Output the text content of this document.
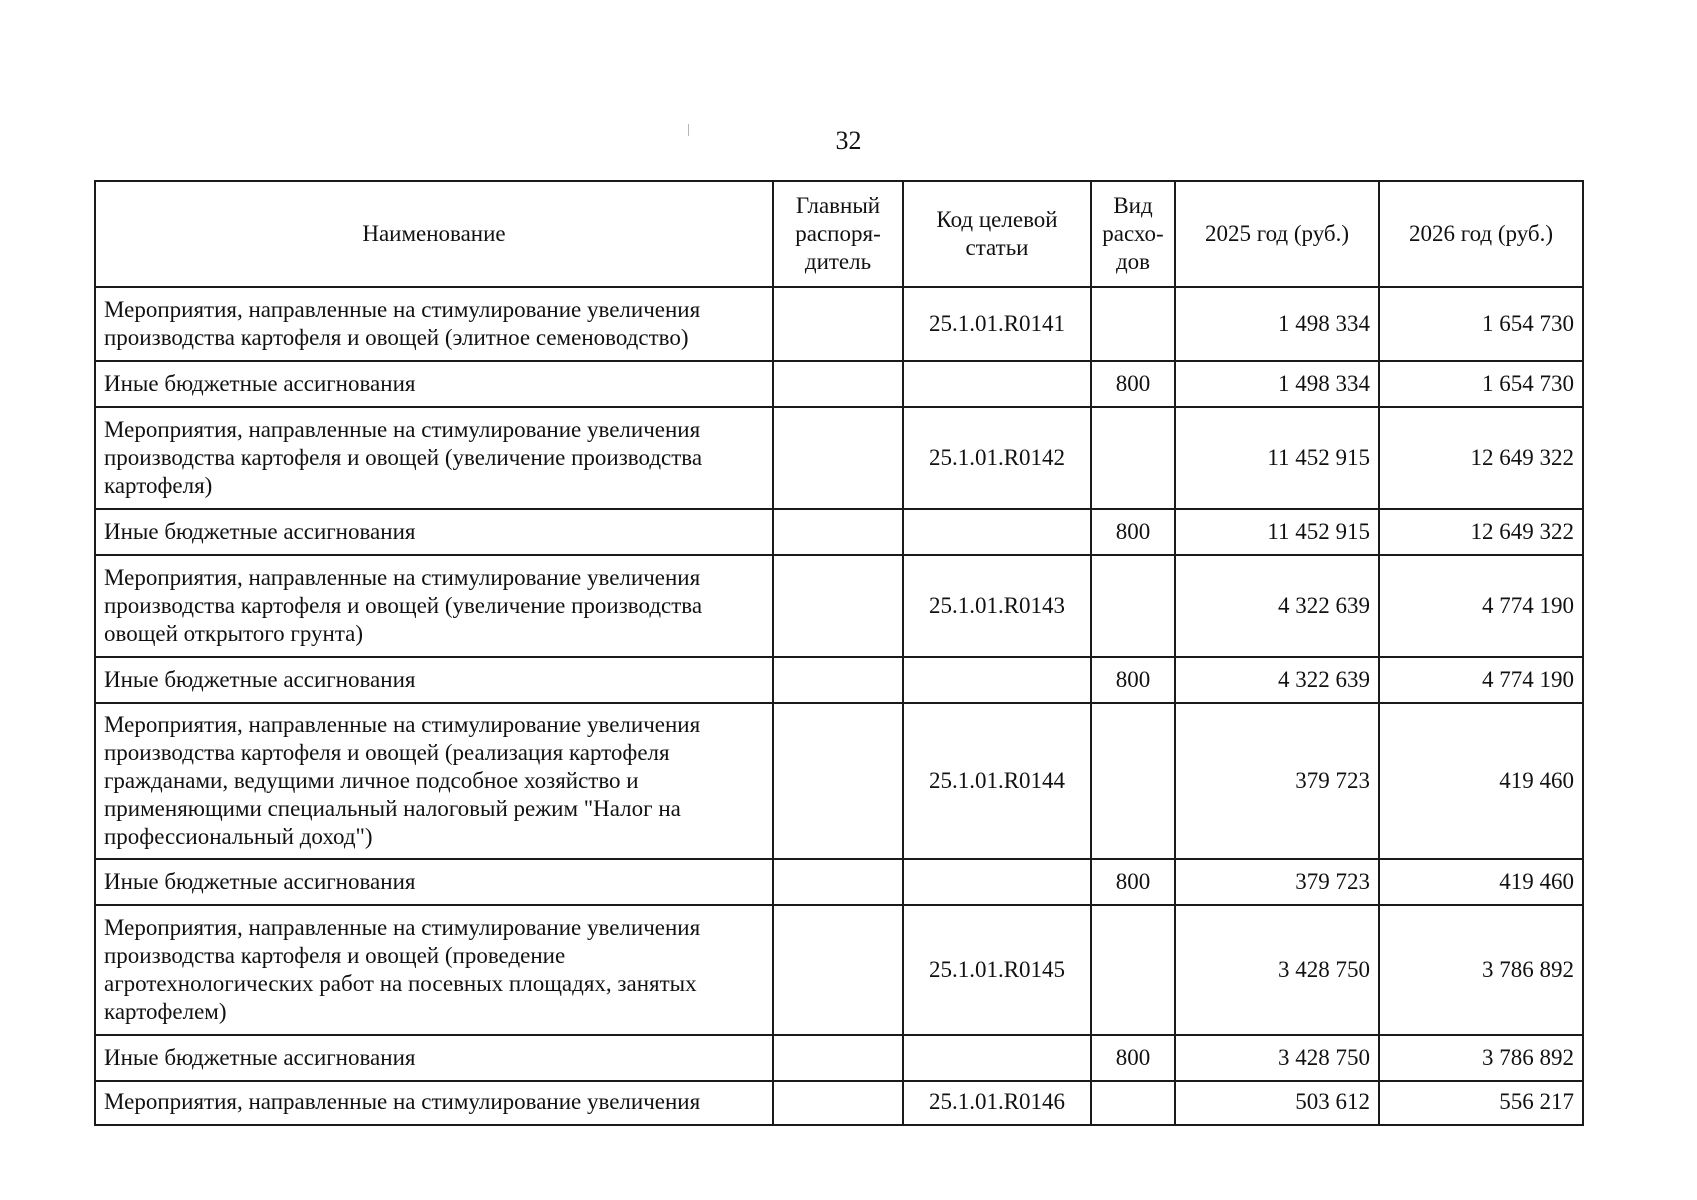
32
Наименование	Главный распоря-дитель	Код целевой статьи	Вид расхо-дов	2025 год (руб.)	2026 год (руб.)
Мероприятия, направленные на стимулирование увеличения производства картофеля и овощей (элитное семеноводство)		25.1.01.R0141		1 498 334	1 654 730
Иные бюджетные ассигнования			800	1 498 334	1 654 730
Мероприятия, направленные на стимулирование увеличения производства картофеля и овощей (увеличение производства картофеля)		25.1.01.R0142		11 452 915	12 649 322
Иные бюджетные ассигнования			800	11 452 915	12 649 322
Мероприятия, направленные на стимулирование увеличения производства картофеля и овощей (увеличение производства овощей открытого грунта)		25.1.01.R0143		4 322 639	4 774 190
Иные бюджетные ассигнования			800	4 322 639	4 774 190
Мероприятия, направленные на стимулирование увеличения производства картофеля и овощей (реализация картофеля гражданами, ведущими личное подсобное хозяйство и применяющими специальный налоговый режим "Налог на профессиональный доход")		25.1.01.R0144		379 723	419 460
Иные бюджетные ассигнования			800	379 723	419 460
Мероприятия, направленные на стимулирование увеличения производства картофеля и овощей (проведение агротехнологических работ на посевных площадях, занятых картофелем)		25.1.01.R0145		3 428 750	3 786 892
Иные бюджетные ассигнования			800	3 428 750	3 786 892
Мероприятия, направленные на стимулирование увеличения		25.1.01.R0146		503 612	556 217
